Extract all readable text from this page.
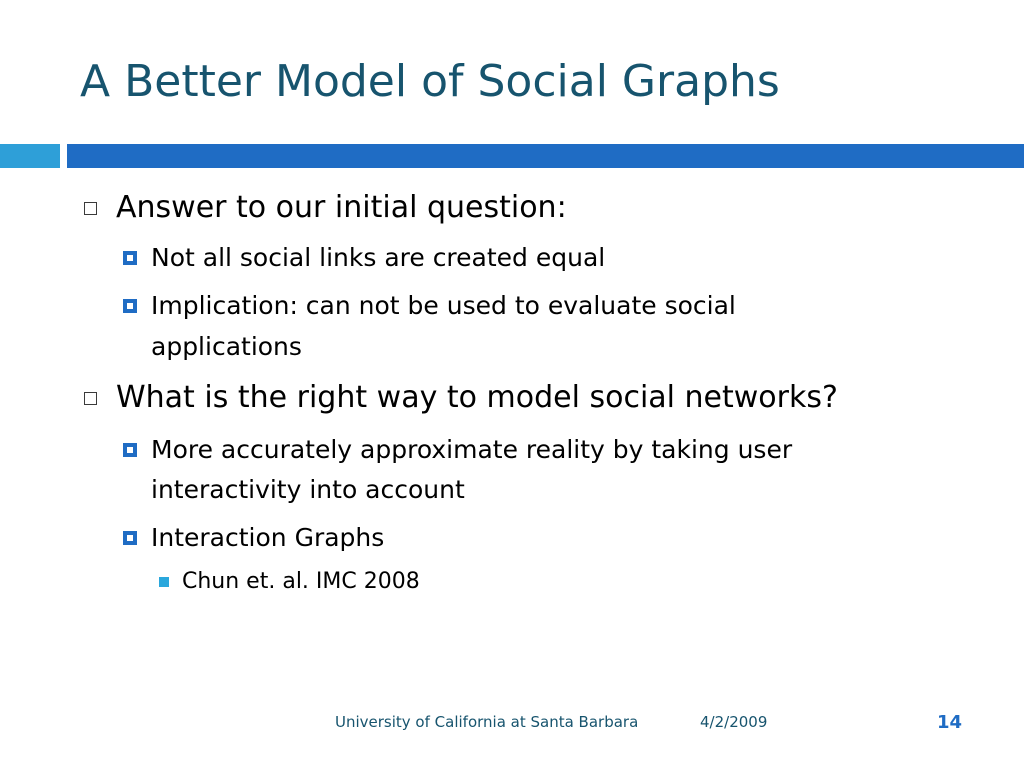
A Better Model of Social Graphs
Answer to our initial question:
Not all social links are created equal
Implication: can not be used to evaluate social
applications
What is the right way to model social networks?
More accurately approximate reality by taking user
interactivity into account
Interaction Graphs
Chun et. al. IMC 2008
University of California at Santa Barbara	4/2/2009	14
